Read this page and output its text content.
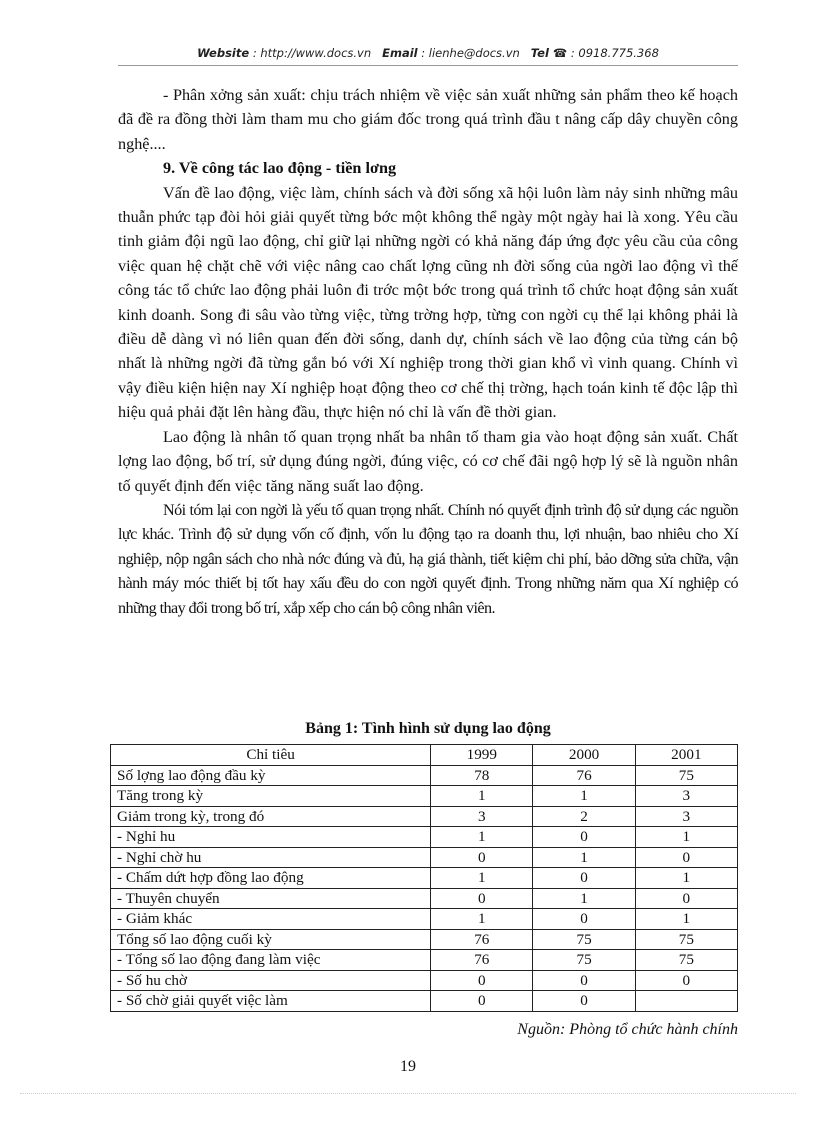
Website : http://www.docs.vn Email : lienhe@docs.vn Tel ☎ : 0918.775.368

- Phân xởng sản xuất: chịu trách nhiệm về việc sản xuất những sản phẩm theo kế hoạch đã đề ra đồng thời làm tham mu cho giám đốc trong quá trình đầu t nâng cấp dây chuyền công nghệ....

9. Về công tác lao động - tiền lơng

Vấn đề lao động, việc làm, chính sách và đời sống xã hội luôn làm nảy sinh những mâu thuẫn phức tạp đòi hỏi giải quyết từng bớc một không thể ngày một ngày hai là xong. Yêu cầu tinh giảm đội ngũ lao động, chỉ giữ lại những ngời có khả năng đáp ứng đợc yêu cầu của công việc quan hệ chặt chẽ với việc nâng cao chất lợng cũng nh đời sống của ngời lao động vì thế công tác tổ chức lao động phải luôn đi trớc một bớc trong quá trình tổ chức hoạt động sản xuất kinh doanh. Song đi sâu vào từng việc, từng trờng hợp, từng con ngời cụ thể lại không phải là điều dễ dàng vì nó liên quan đến đời sống, danh dự, chính sách về lao động của từng cán bộ nhất là những ngời đã từng gắn bó với Xí nghiệp trong thời gian khổ vì vinh quang. Chính vì vậy điều kiện hiện nay Xí nghiệp hoạt động theo cơ chế thị trờng, hạch toán kinh tế độc lập thì hiệu quả phải đặt lên hàng đầu, thực hiện nó chỉ là vấn đề thời gian.

Lao động là nhân tố quan trọng nhất ba nhân tố tham gia vào hoạt động sản xuất. Chất lợng lao động, bố trí, sử dụng đúng ngời, đúng việc, có cơ chế đãi ngộ hợp lý sẽ là nguồn nhân tố quyết định đến việc tăng năng suất lao động.

Nói tóm lại con ngời là yếu tố quan trọng nhất. Chính nó quyết định trình độ sử dụng các nguồn lực khác. Trình độ sử dụng vốn cố định, vốn lu động tạo ra doanh thu, lợi nhuận, bao nhiêu cho Xí nghiệp, nộp ngân sách cho nhà nớc đúng và đủ, hạ giá thành, tiết kiệm chi phí, bảo dỡng sửa chữa, vận hành máy móc thiết bị tốt hay xấu đều do con ngời quyết định. Trong những năm qua Xí nghiệp có những thay đổi trong bố trí, xắp xếp cho cán bộ công nhân viên.

Bảng 1: Tình hình sử dụng lao động
Chỉ tiêu	1999	2000	2001
Số lợng lao động đầu kỳ	78	76	75
Tăng trong kỳ	1	1	3
Giảm trong kỳ, trong đó	3	2	3
- Nghỉ hu	1	0	1
- Nghỉ chờ hu	0	1	0
- Chấm dứt hợp đồng lao động	1	0	1
- Thuyên chuyển	0	1	0
- Giảm khác	1	0	1
Tổng số lao động cuối kỳ	76	75	75
- Tổng số lao động đang làm việc	76	75	75
- Số hu chờ	0	0	0
- Số chờ giải quyết việc làm	0	0	
Nguồn: Phòng tổ chức hành chính
19
